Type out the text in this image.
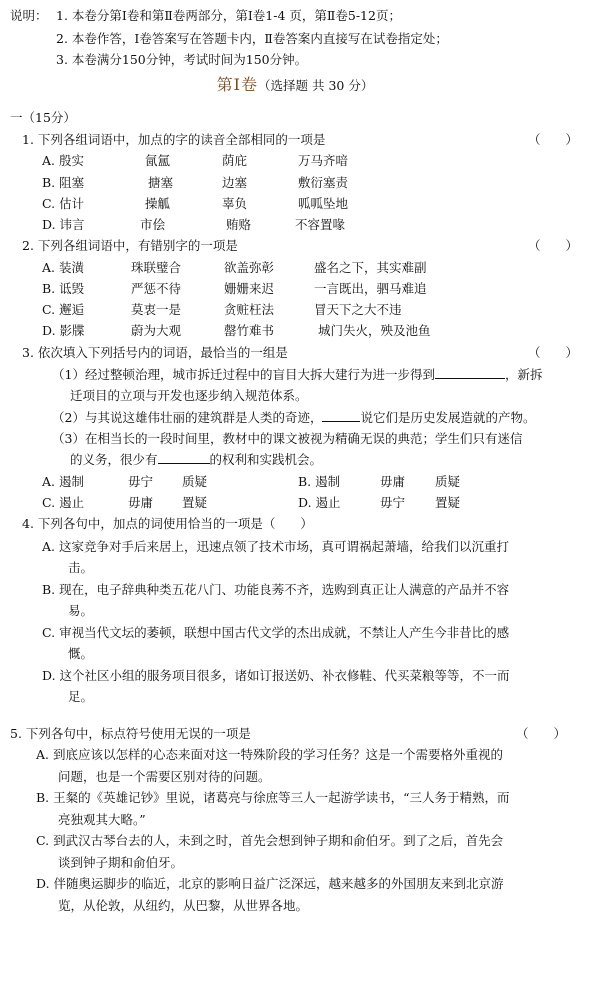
说明： 1. 本卷分第Ⅰ卷和第Ⅱ卷两部分，第Ⅰ卷1-4 页，第Ⅱ卷5-12页；
2. 本卷作答，Ⅰ卷答案写在答题卡内，Ⅱ卷答案内直接写在试卷指定处；
3. 本卷满分150分钟，考试时间为150分钟。
第Ⅰ卷（选择题 共 30 分）
一（15分）
1. 下列各组词语中，加点的字的读音全部相同的一项是	（　　）
A. 殷实	氤氲	荫庇	万马齐喑
B. 阻塞	搪塞	边塞	敷衍塞责
C. 估计	操觚	辜负	呱呱坠地
D. 讳言	市侩	贿赂	不容置喙
2. 下列各组词语中，有错别字的一项是	（　　）
A. 装潢	珠联璧合	欲盖弥彰	盛名之下，其实难副
B. 诋毁	严惩不待	姗姗来迟	一言既出，驷马难追
C. 邂逅	莫衷一是	贪赃枉法	冒天下之大不违
D. 影牒	蔚为大观	罄竹难书	城门失火，殃及池鱼
3. 依次填入下列括号内的词语，最恰当的一组是	（　　）
（1）经过整顿治理，城市拆迁过程中的盲目大拆大建行为进一步得到	，新拆
迁项目的立项与开发也逐步纳入规范体系。
（2）与其说这雄伟壮丽的建筑群是人类的奇迹，	说它们是历史发展造就的产物。
（3）在相当长的一段时间里，教材中的课文被视为精确无误的典范；学生们只有迷信
的义务，很少有	的权利和实践机会。
A. 遏制	毋宁 质疑	B. 遏制	毋庸 质疑
C. 遏止	毋庸 置疑	D. 遏止	毋宁 置疑
4. 下列各句中，加点的词使用恰当的一项是（　　）
A. 这家竞争对手后来居上，迅速点领了技术市场，真可谓祸起萧墙，给我们以沉重打
击。
B. 现在，电子辞典种类五花八门、功能良莠不齐，选购到真正让人满意的产品并不容
易。
C. 审视当代文坛的萎顿，联想中国古代文学的杰出成就，不禁让人产生今非昔比的感
慨。
D. 这个社区小组的服务项目很多，诸如订报送奶、补衣修鞋、代买菜粮等等，不一而
足。
5. 下列各句中，标点符号使用无误的一项是	（　　）
A. 到底应该以怎样的心态来面对这一特殊阶段的学习任务？这是一个需要格外重视的
问题，也是一个需要区别对待的问题。
B. 王粲的《英雄记钞》里说，诸葛亮与徐庶等三人一起游学读书，“三人务于精熟，而
亮独观其大略。”
C. 到武汉古琴台去的人，未到之时，首先会想到钟子期和俞伯牙。到了之后，首先会
谈到钟子期和俞伯牙。
D. 伴随奥运脚步的临近，北京的影响日益广泛深远，越来越多的外国朋友来到北京游
览，从伦敦，从纽约，从巴黎，从世界各地。
